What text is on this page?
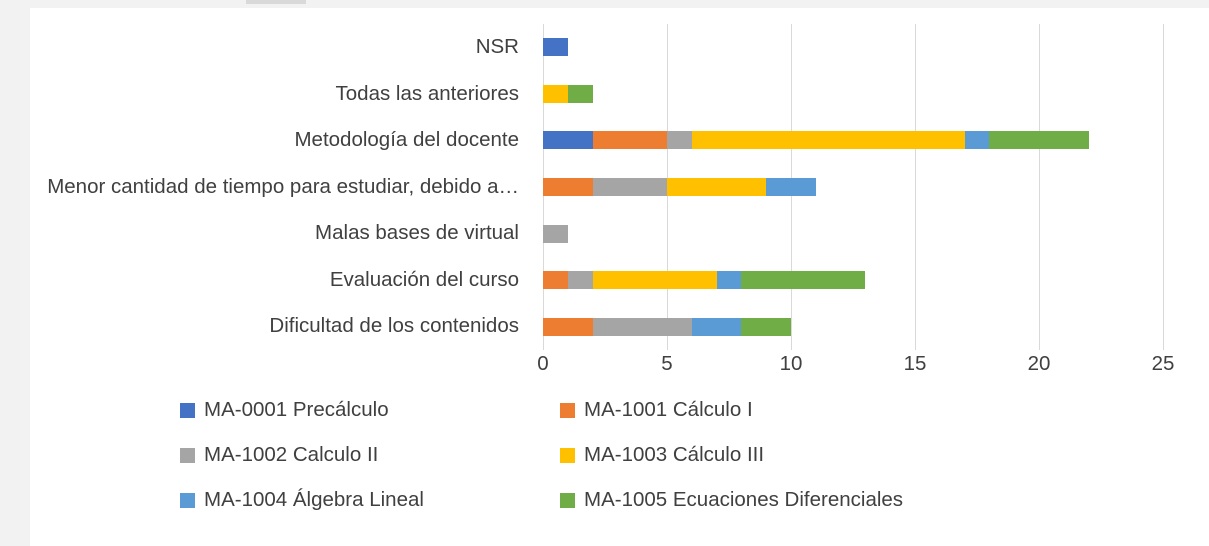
Dificultad de los contenidos
Evaluación del curso
Malas bases de virtual
Menor cantidad de tiempo para estudiar, debido a…
Metodología del docente
Todas las anteriores
NSR
0	5	10	15	20	25
MA-0001 Precálculo	MA-1001 Cálculo I
MA-1002 Calculo II	MA-1003 Cálculo III
MA-1004 Álgebra Lineal	MA-1005 Ecuaciones Diferenciales
